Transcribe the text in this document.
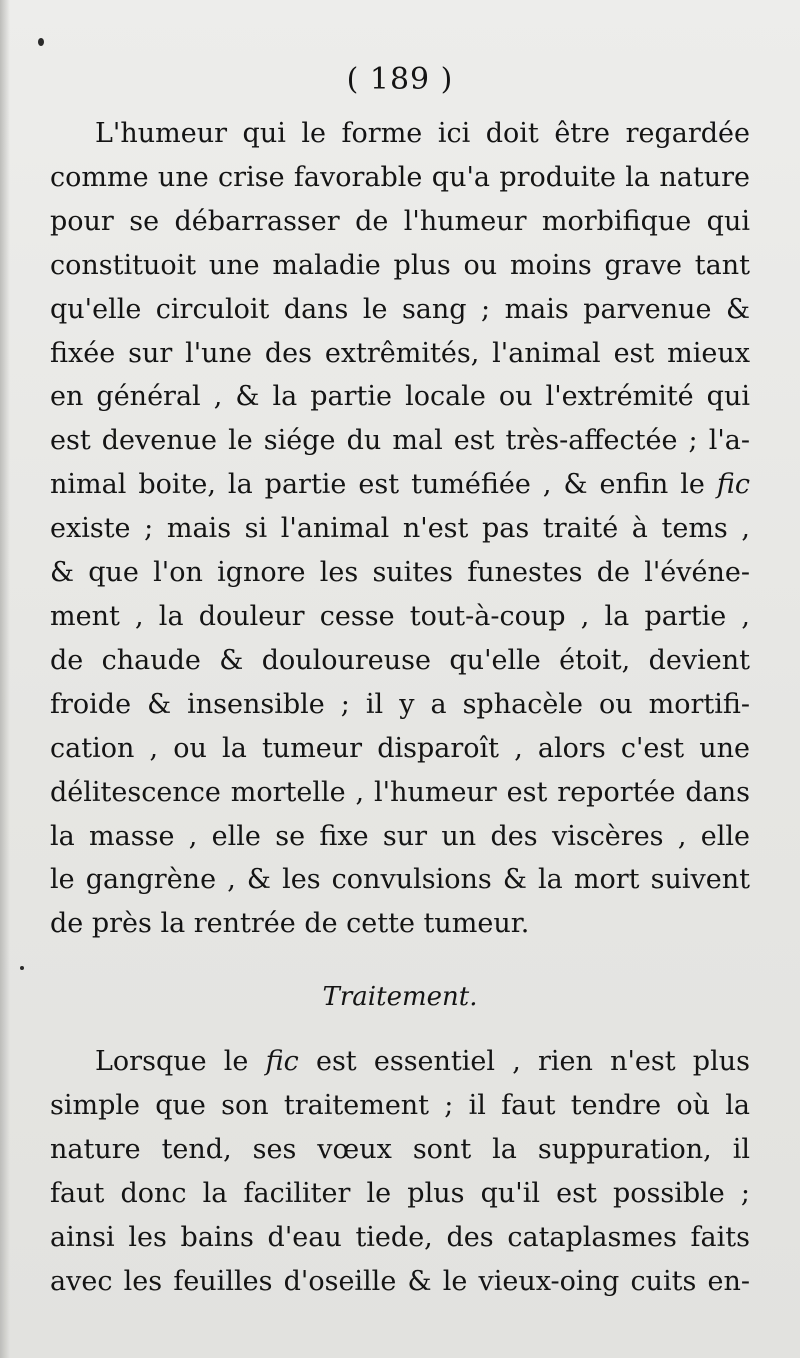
( 189 )
L'humeur qui le forme ici doit être regardée
comme une crise favorable qu'a produite la nature
pour se débarrasser de l'humeur morbifique qui
constituoit une maladie plus ou moins grave tant
qu'elle circuloit dans le sang ; mais parvenue &
fixée sur l'une des extrêmités, l'animal est mieux
en général , & la partie locale ou l'extrémité qui
est devenue le siége du mal est très-affectée ; l'a-
nimal boite, la partie est tuméfiée , & enfin le fic
existe ; mais si l'animal n'est pas traité à tems ,
& que l'on ignore les suites funestes de l'événe-
ment , la douleur cesse tout-à-coup , la partie ,
de chaude & douloureuse qu'elle étoit, devient
froide & insensible ; il y a sphacèle ou mortifi-
cation , ou la tumeur disparoît , alors c'est une
délitescence mortelle , l'humeur est reportée dans
la masse , elle se fixe sur un des viscères , elle
le gangrène , & les convulsions & la mort suivent
de près la rentrée de cette tumeur.
Traitement.
Lorsque le fic est essentiel , rien n'est plus
simple que son traitement ; il faut tendre où la
nature tend, ses vœux sont la suppuration, il
faut donc la faciliter le plus qu'il est possible ;
ainsi les bains d'eau tiede, des cataplasmes faits
avec les feuilles d'oseille & le vieux-oing cuits en-
